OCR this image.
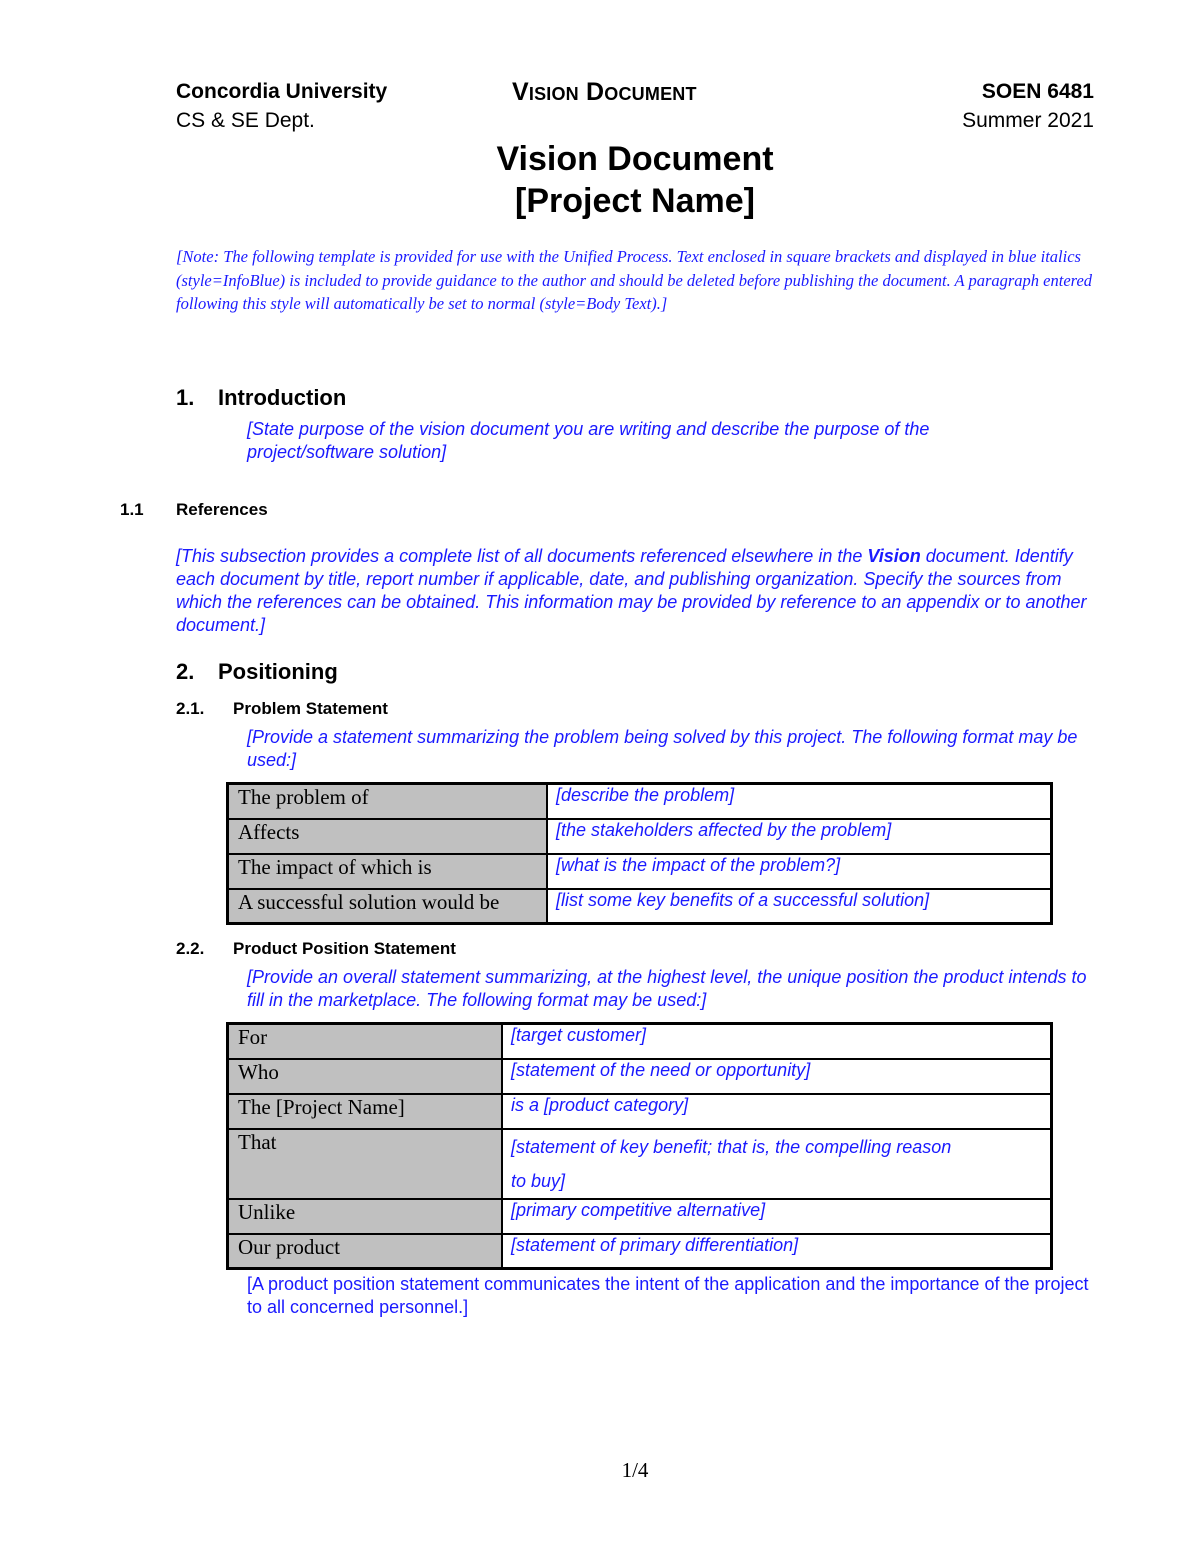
Concordia University
CS & SE Dept.
Vision Document	SOEN 6481
Summer 2021
Vision Document
[Project Name]
[Note: The following template is provided for use with the Unified Process. Text enclosed in square brackets and displayed in blue italics (style=InfoBlue) is included to provide guidance to the author and should be deleted before publishing the document. A paragraph entered following this style will automatically be set to normal (style=Body Text).]
1. Introduction
[State purpose of the vision document you are writing and describe the purpose of the project/software solution]
1.1 References
[This subsection provides a complete list of all documents referenced elsewhere in the Vision document. Identify each document by title, report number if applicable, date, and publishing organization. Specify the sources from which the references can be obtained. This information may be provided by reference to an appendix or to another document.]
2. Positioning
2.1. Problem Statement
[Provide a statement summarizing the problem being solved by this project. The following format may be used:]
The problem of	[describe the problem]
Affects	[the stakeholders affected by the problem]
The impact of which is	[what is the impact of the problem?]
A successful solution would be	[list some key benefits of a successful solution]
2.2. Product Position Statement
[Provide an overall statement summarizing, at the highest level, the unique position the product intends to fill in the marketplace. The following format may be used:]
For	[target customer]
Who	[statement of the need or opportunity]
The [Project Name]	is a [product category]
That	[statement of key benefit; that is, the compelling reason
to buy]

Unlike	[primary competitive alternative]
Our product	[statement of primary differentiation]
[A product position statement communicates the intent of the application and the importance of the project to all concerned personnel.]
1/4
